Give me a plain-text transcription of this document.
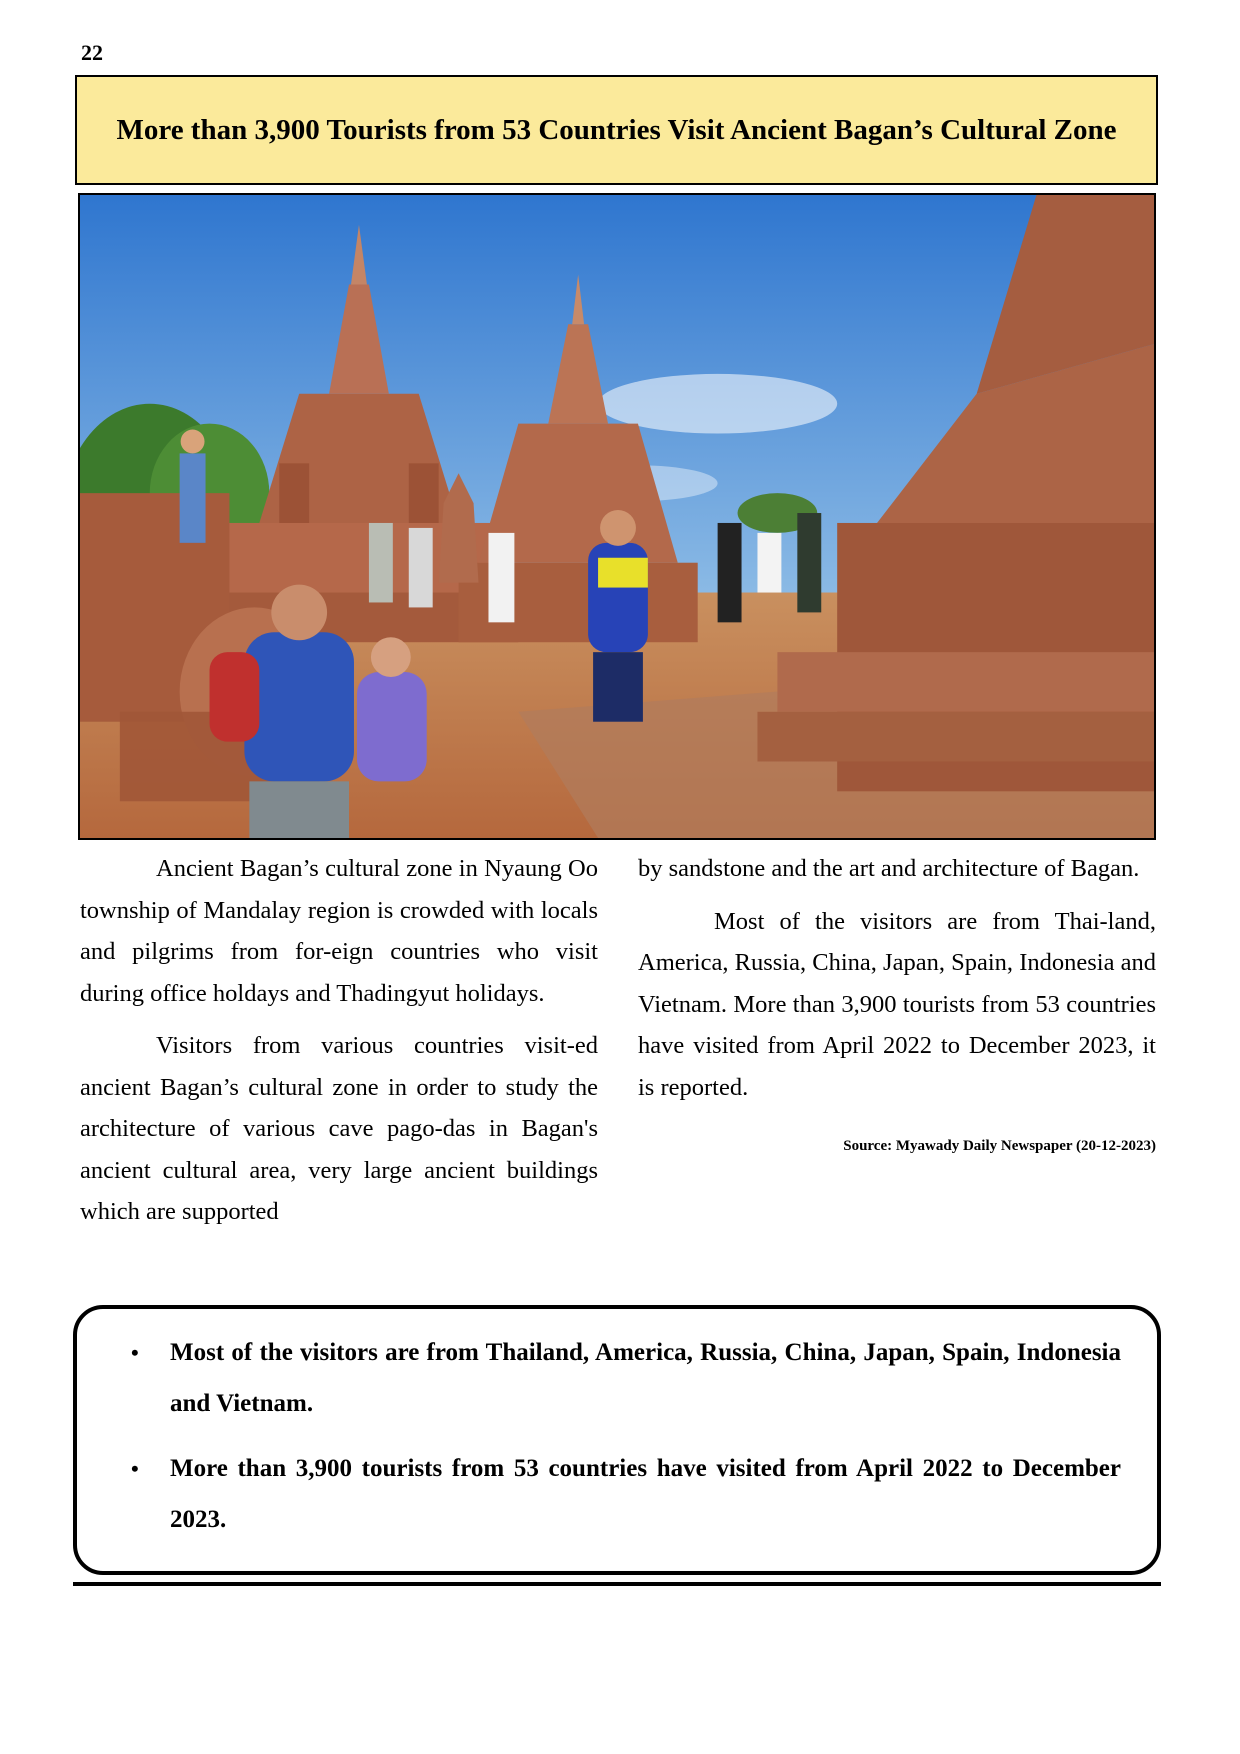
22
More than 3,900 Tourists from 53 Countries Visit Ancient Bagan’s Cultural Zone

Ancient Bagan’s cultural zone in Nyaung Oo township of Mandalay region is crowded with locals and pilgrims from for-eign countries who visit during office holdays and Thadingyut holidays.

Visitors from various countries visit-ed ancient Bagan’s cultural zone in order to study the architecture of various cave pago-das in Bagan's ancient cultural area, very large ancient buildings which are supported

by sandstone and the art and architecture of Bagan.

Most of the visitors are from Thai-land, America, Russia, China, Japan, Spain, Indonesia and Vietnam. More than 3,900 tourists from 53 countries have visited from April 2022 to December 2023, it is reported.

Source: Myawady Daily Newspaper (20-12-2023)
• Most of the visitors are from Thailand, America, Russia, China, Japan, Spain, Indonesia and Vietnam.
• More than 3,900 tourists from 53 countries have visited from April 2022 to December 2023.
